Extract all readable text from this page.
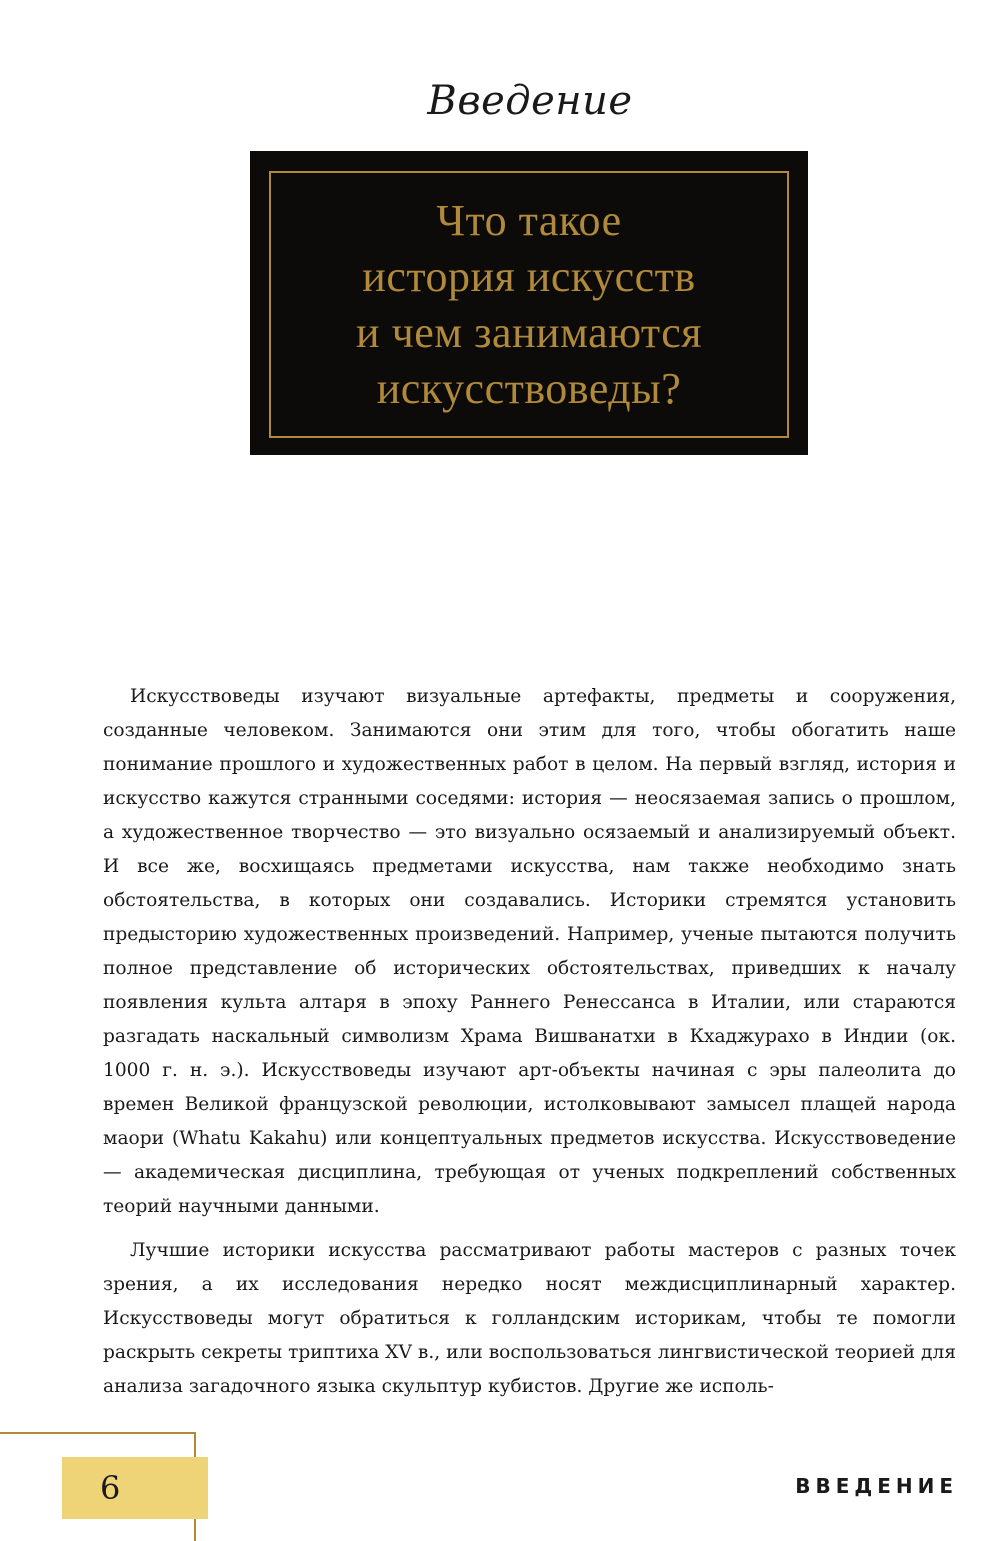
Введение
Что такое
история искусств
и чем занимаются
искусствоведы?

Искусствоведы изучают визуальные артефакты, предметы и сооружения, созданные человеком. Занимаются они этим для того, чтобы обогатить наше понимание прошлого и художественных работ в целом. На первый взгляд, история и искусство кажутся странными соседями: история — неосязаемая запись о прошлом, а художественное творчество — это визуально осязаемый и анализируемый объект. И все же, восхищаясь предметами искусства, нам также необходимо знать обстоятельства, в которых они создавались. Историки стремятся установить предысторию художественных произведений. Например, ученые пытаются получить полное представление об исторических обстоятельствах, приведших к началу появления культа алтаря в эпоху Раннего Ренессанса в Италии, или стараются разгадать наскальный символизм Храма Вишванатхи в Кхаджурахо в Индии (ок. 1000 г. н. э.). Искусствоведы изучают арт-объекты начиная с эры палеолита до времен Великой французской революции, истолковывают замысел плащей народа маори (Whatu Kakahu) или концептуальных предметов искусства. Искусствоведение — академическая дисциплина, требующая от ученых подкреплений собственных теорий научными данными.

Лучшие историки искусства рассматривают работы мастеров с разных точек зрения, а их исследования нередко носят междисциплинарный характер. Искусствоведы могут обратиться к голландским историкам, чтобы те помогли раскрыть секреты триптиха XV в., или воспользоваться лингвистической теорией для анализа загадочного языка скульптур кубистов. Другие же исполь-

6	ВВЕДЕНИЕ
